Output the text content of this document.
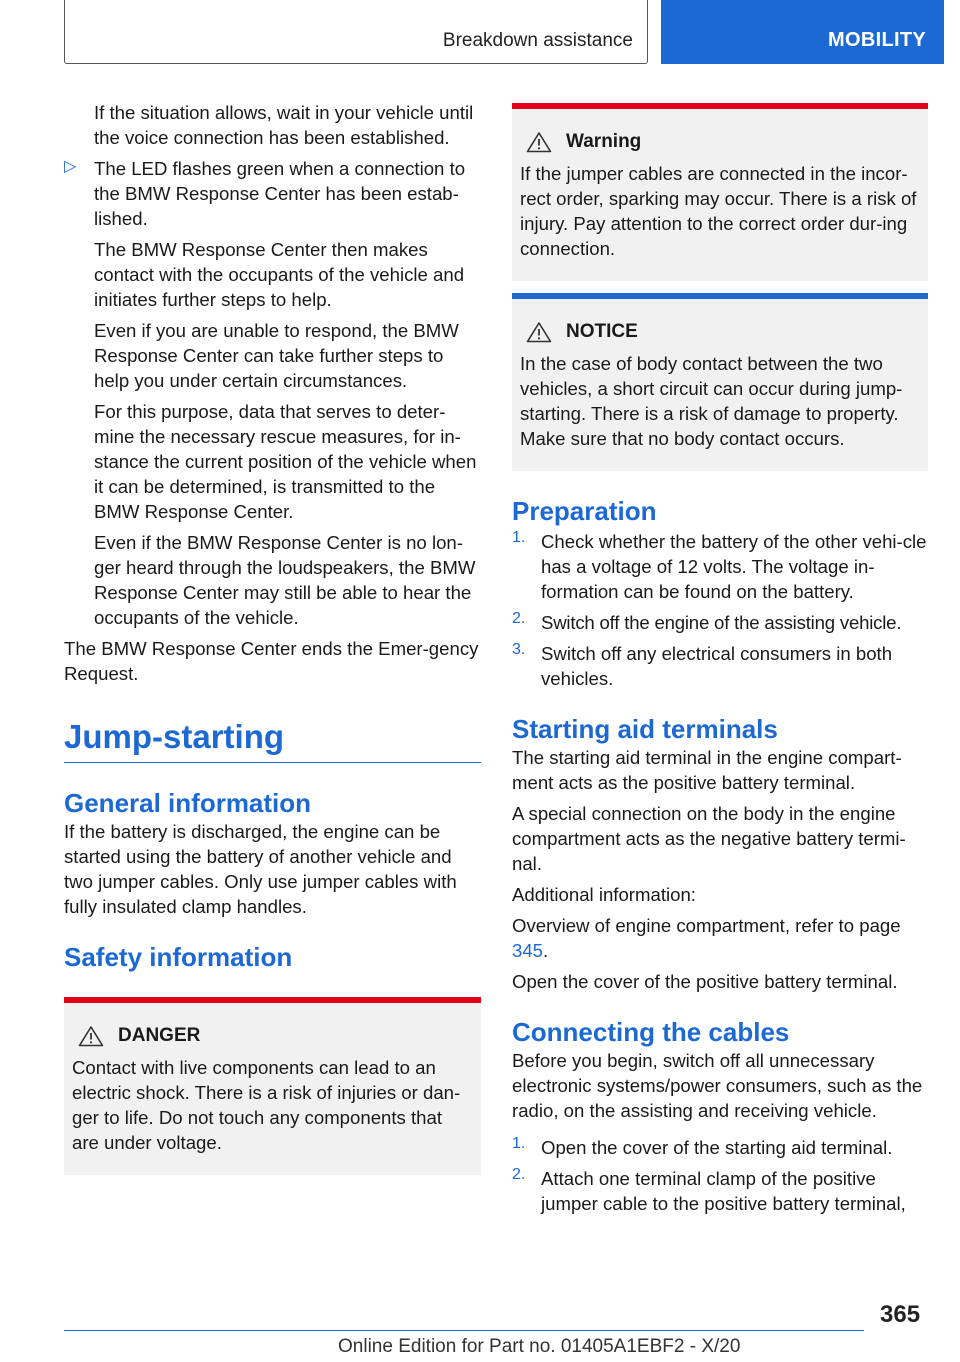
Breakdown assistance	MOBILITY

If the situation allows, wait in your vehicle until the voice connection has been established.

▷ The LED flashes green when a connection to the BMW Response Center has been estab-lished.

The BMW Response Center then makes contact with the occupants of the vehicle and initiates further steps to help.

Even if you are unable to respond, the BMW Response Center can take further steps to help you under certain circumstances.

For this purpose, data that serves to deter-mine the necessary rescue measures, for in-stance the current position of the vehicle when it can be determined, is transmitted to the BMW Response Center.

Even if the BMW Response Center is no lon-ger heard through the loudspeakers, the BMW Response Center may still be able to hear the occupants of the vehicle.

The BMW Response Center ends the Emer-gency Request.

Jump-starting
General information

If the battery is discharged, the engine can be started using the battery of another vehicle and two jumper cables. Only use jumper cables with fully insulated clamp handles.

Safety information
DANGER

Contact with live components can lead to an electric shock. There is a risk of injuries or dan-ger to life. Do not touch any components that are under voltage.

Warning

If the jumper cables are connected in the incor-rect order, sparking may occur. There is a risk of injury. Pay attention to the correct order dur-ing connection.

NOTICE

In the case of body contact between the two vehicles, a short circuit can occur during jump-starting. There is a risk of damage to property. Make sure that no body contact occurs.

Preparation
1. Check whether the battery of the other vehi-cle has a voltage of 12 volts. The voltage in-formation can be found on the battery.

2. Switch off the engine of the assisting vehicle.

3. Switch off any electrical consumers in both vehicles.

Starting aid terminals

The starting aid terminal in the engine compart-ment acts as the positive battery terminal.

A special connection on the body in the engine compartment acts as the negative battery termi-nal.

Additional information:

Overview of engine compartment, refer to page 345.

Open the cover of the positive battery terminal.

Connecting the cables

Before you begin, switch off all unnecessary electronic systems/power consumers, such as the radio, on the assisting and receiving vehicle.

1. Open the cover of the starting aid terminal.

2. Attach one terminal clamp of the positive jumper cable to the positive battery terminal,

365
Online Edition for Part no. 01405A1EBF2 - X/20
